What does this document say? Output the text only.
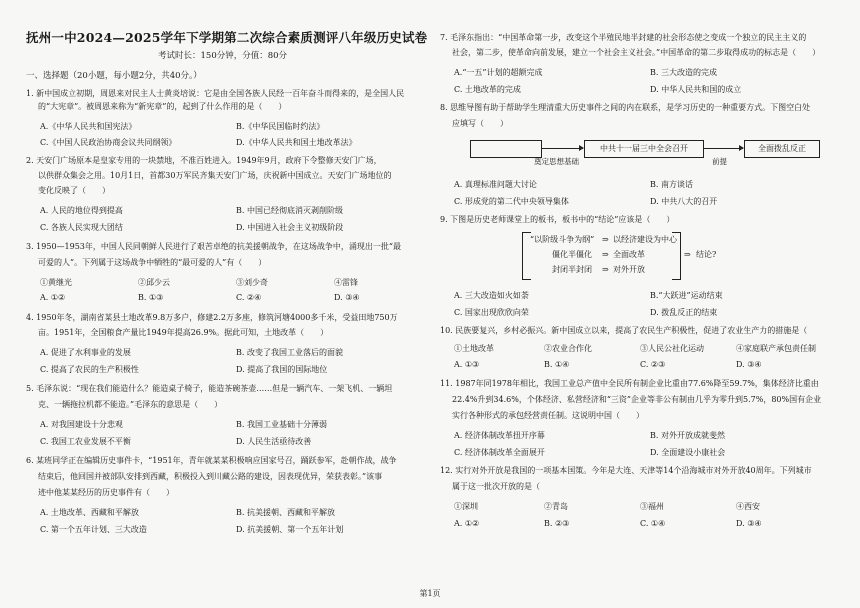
抚州一中2024—2025学年下学期第二次综合素质测评八年级历史试卷
考试时长：150分钟，分值：80分
一、选择题（20小题，每小题2分，共40分。）
1. 新中国成立初期，周恩来对民主人士黄炎培说：它是由全国各族人民经一百年奋斗而得来的，是全国人民
的“大宪章”。被周恩来称为“新宪章”的，起到了什么作用的是（　　）
A.《中华人民共和国宪法》	B.《中华民国临时约法》
C.《中国人民政治协商会议共同纲领》	D.《中华人民共和国土地改革法》
2. 天安门广场原本是皇家专用的一块禁地，不准百姓进入。1949年9月，政府下令整修天安门广场，
以供群众集会之用。10月1日，首都30万军民齐集天安门广场，庆祝新中国成立。天安门广场地位的
变化反映了（　　）
A. 人民的地位得到提高	B. 中国已经彻底消灭剥削阶级
C. 各族人民实现大团结	D. 中国进入社会主义初级阶段
3. 1950—1953年，中国人民同朝鲜人民进行了艰苦卓绝的抗美援朝战争，在这场战争中，涌现出一批“最
可爱的人”。下列属于这场战争中牺牲的“最可爱的人”有（　　）
①黄继光	②邱少云	③刘少奇	④雷锋
A. ①②	B. ①③	C. ②④	D. ③④
4. 1950年冬，湖南省某县土地改革9.8万多户，修建2.2万多座，修筑河塘4000多千米，受益田地750万
亩。1951年，全国粮食产量比1949年提高26.9%。据此可知，土地改革（　　）
A. 促进了水利事业的发展	B. 改变了我国工业落后的面貌
C. 提高了农民的生产积极性	D. 提高了我国的国际地位
5. 毛泽东说：“现在我们能造什么？能造桌子椅子，能造茶碗茶壶……但是一辆汽车、一架飞机、一辆坦
克、一辆拖拉机都不能造。”毛泽东的意思是（　　）
A. 对我国建设十分悲观	B. 我国工业基础十分薄弱
C. 我国工农业发展不平衡	D. 人民生活亟待改善
6. 某班同学正在编辑历史事件卡，“1951年，青年就某某积极响应国家号召，踊跃参军，赴朝作战，战争
结束后，他回国并被部队安排到西藏，积极投入到川藏公路的建设，因表现优异，荣获表彰。”该事
迹中他某某经历的历史事件有（　　）
A. 土地改革、西藏和平解放	B. 抗美援朝、西藏和平解放
C. 第一个五年计划、三大改造	D. 抗美援朝、第一个五年计划
7. 毛泽东指出：“中国革命第一步，改变这个半殖民地半封建的社会形态使之变成一个独立的民主主义的
社会，第二步，使革命向前发展，建立一个社会主义社会。”中国革命的第二步取得成功的标志是（　　）
A.“一五”计划的超额完成	B. 三大改造的完成
C. 土地改革的完成	D. 中华人民共和国的成立
8. 思维导图有助于帮助学生理清重大历史事件之间的内在联系，是学习历史的一种重要方式。下图空白处
应填写（　　）
奠定思想基础
中共十一届三中全会召开
前提
全面拨乱反正
A. 真理标准问题大讨论	B. 南方谈话
C. 形成党的第二代中央领导集体	D. 中共八大的召开
9. 下图是历史老师课堂上的板书，板书中的“结论”应该是（　　）
“以阶级斗争为纲” ⇒ 以经济建设为中心
僵化半僵化 ⇒ 全面改革
封闭半封闭 ⇒ 对外开放
⇒ 结论?
A. 三大改造如火如荼	B.“大跃进”运动结束
C. 国家出现欣欣向荣	D. 拨乱反正的结束
10. 民族要复兴，乡村必振兴。新中国成立以来，提高了农民生产积极性，促进了农业生产力的措施是（
①土地改革	②农业合作化	③人民公社化运动	④家庭联产承包责任制
A. ①③	B. ①④	C. ②③	D. ③④
11. 1987年同1978年相比，我国工业总产值中全民所有制企业比重由77.6%降至59.7%，集体经济比重由
22.4%升到34.6%，个体经济、私营经济和“三资”企业等非公有制由几乎为零升到5.7%，80%国有企业
实行各种形式的承包经营责任制。这说明中国（　　）
A. 经济体制改革扭开序幕	B. 对外开放成就斐然
C. 经济体制改革全面展开	D. 全面建设小康社会
12. 实行对外开放是我国的一项基本国策。今年是大连、天津等14个沿海城市对外开放40周年。下列城市
属于这一批次开放的是（
①深圳	②青岛	③福州	④西安
A. ①②	B. ②③	C. ①④	D. ③④
第1页
